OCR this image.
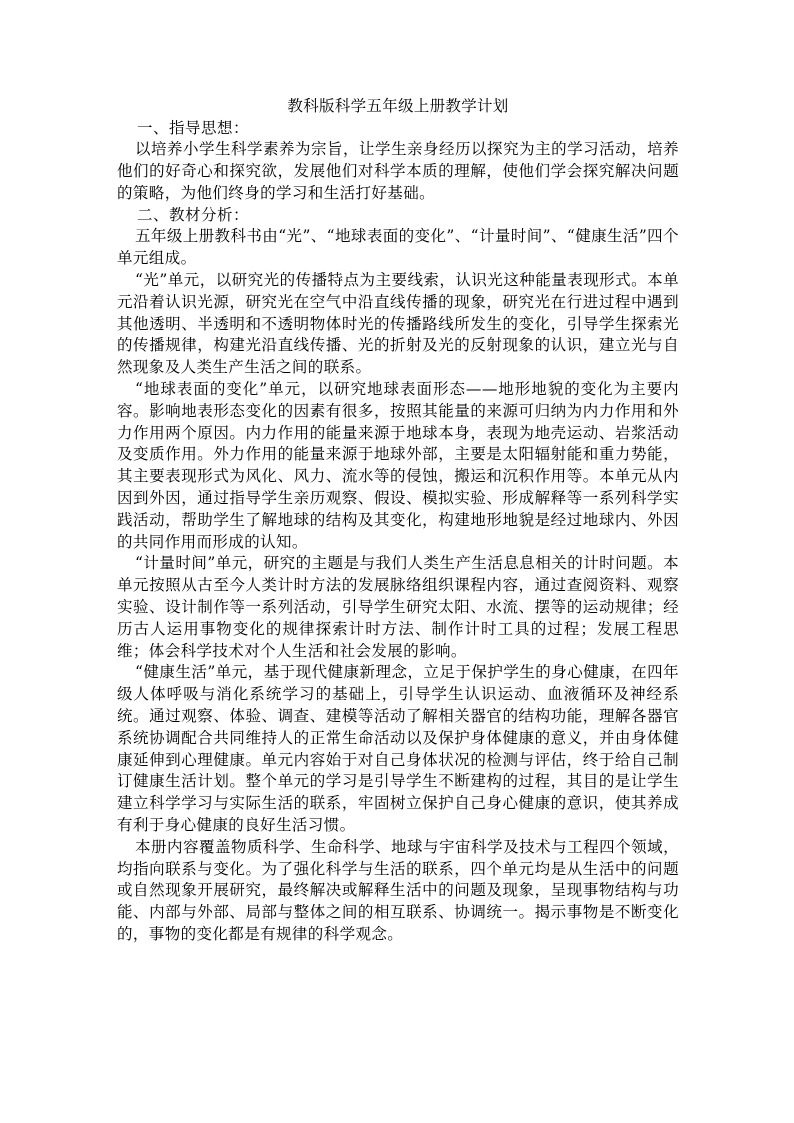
教科版科学五年级上册教学计划

一、指导思想：

以培养小学生科学素养为宗旨，让学生亲身经历以探究为主的学习活动，培养他们的好奇心和探究欲，发展他们对科学本质的理解，使他们学会探究解决问题的策略，为他们终身的学习和生活打好基础。

二、教材分析：

五年级上册教科书由“光”、“地球表面的变化”、“计量时间”、“健康生活”四个单元组成。

“光”单元，以研究光的传播特点为主要线索，认识光这种能量表现形式。本单元沿着认识光源，研究光在空气中沿直线传播的现象，研究光在行进过程中遇到其他透明、半透明和不透明物体时光的传播路线所发生的变化，引导学生探索光的传播规律，构建光沿直线传播、光的折射及光的反射现象的认识，建立光与自然现象及人类生产生活之间的联系。

“地球表面的变化”单元，以研究地球表面形态——地形地貌的变化为主要内容。影响地表形态变化的因素有很多，按照其能量的来源可归纳为内力作用和外力作用两个原因。内力作用的能量来源于地球本身，表现为地壳运动、岩浆活动及变质作用。外力作用的能量来源于地球外部，主要是太阳辐射能和重力势能，其主要表现形式为风化、风力、流水等的侵蚀，搬运和沉积作用等。本单元从内因到外因，通过指导学生亲历观察、假设、模拟实验、形成解释等一系列科学实践活动，帮助学生了解地球的结构及其变化，构建地形地貌是经过地球内、外因的共同作用而形成的认知。

“计量时间”单元，研究的主题是与我们人类生产生活息息相关的计时问题。本单元按照从古至今人类计时方法的发展脉络组织课程内容，通过查阅资料、观察实验、设计制作等一系列活动，引导学生研究太阳、水流、摆等的运动规律；经历古人运用事物变化的规律探索计时方法、制作计时工具的过程；发展工程思维；体会科学技术对个人生活和社会发展的影响。

“健康生活”单元，基于现代健康新理念，立足于保护学生的身心健康，在四年级人体呼吸与消化系统学习的基础上，引导学生认识运动、血液循环及神经系统。通过观察、体验、调查、建模等活动了解相关器官的结构功能，理解各器官系统协调配合共同维持人的正常生命活动以及保护身体健康的意义，并由身体健康延伸到心理健康。单元内容始于对自己身体状况的检测与评估，终于给自己制订健康生活计划。整个单元的学习是引导学生不断建构的过程，其目的是让学生建立科学学习与实际生活的联系，牢固树立保护自己身心健康的意识，使其养成有利于身心健康的良好生活习惯。

本册内容覆盖物质科学、生命科学、地球与宇宙科学及技术与工程四个领域，均指向联系与变化。为了强化科学与生活的联系，四个单元均是从生活中的问题或自然现象开展研究，最终解决或解释生活中的问题及现象，呈现事物结构与功能、内部与外部、局部与整体之间的相互联系、协调统一。揭示事物是不断变化的，事物的变化都是有规律的科学观念。
